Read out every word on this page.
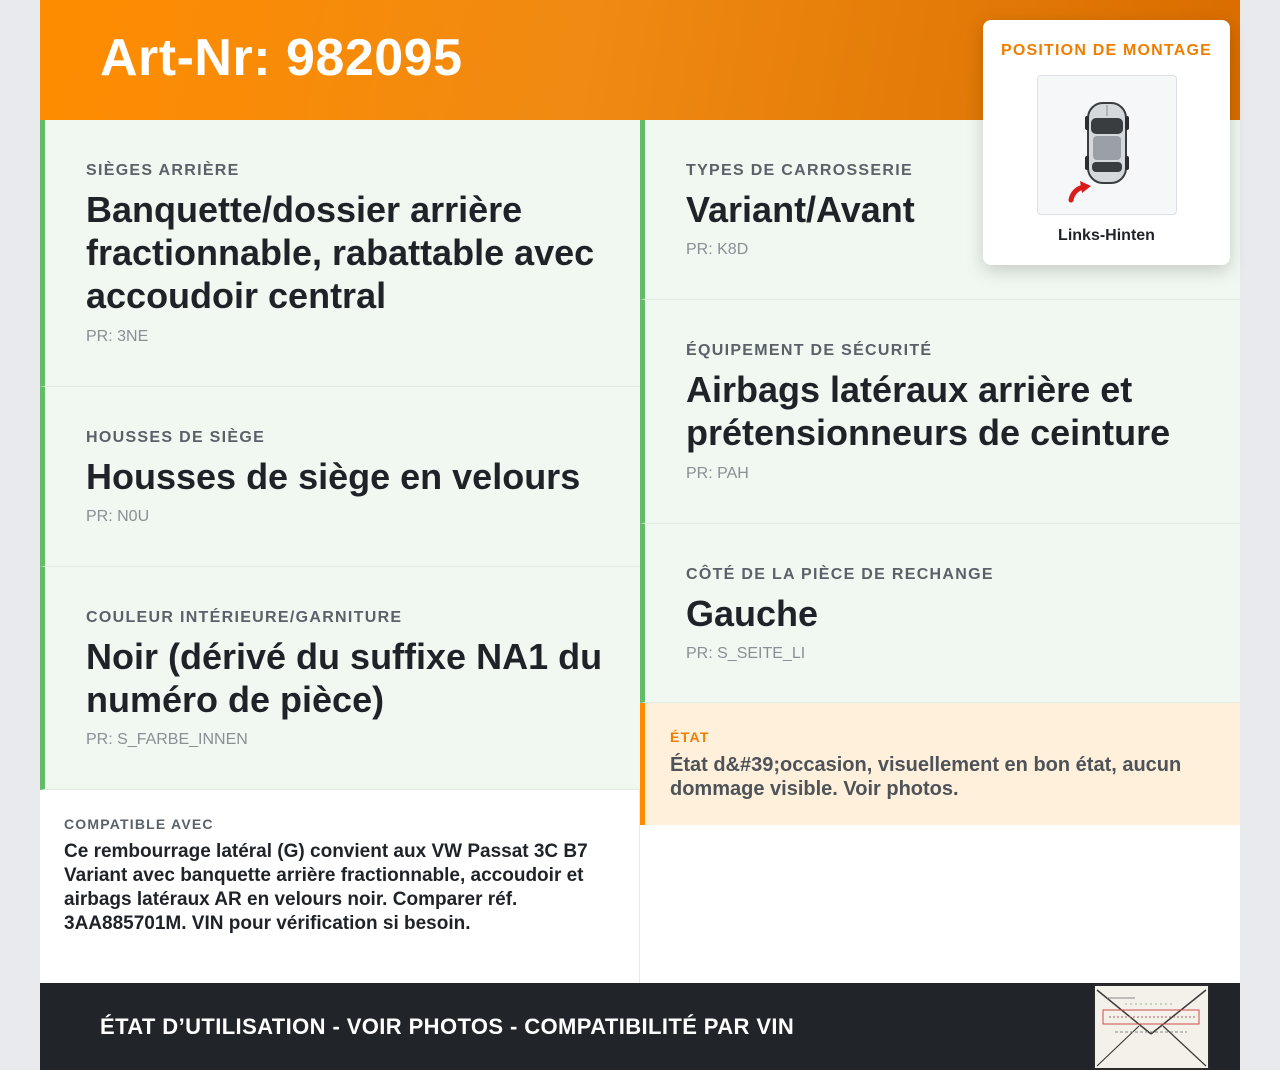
Art-Nr: 982095
SIÈGES ARRIÈRE
Banquette/dossier arrière fractionnable, rabattable avec accoudoir central
PR: 3NE
HOUSSES DE SIÈGE
Housses de siège en velours
PR: N0U
COULEUR INTÉRIEURE/GARNITURE
Noir (dérivé du suffixe NA1 du numéro de pièce)
PR: S_FARBE_INNEN
TYPES DE CARROSSERIE
Variant/Avant
PR: K8D
ÉQUIPEMENT DE SÉCURITÉ
Airbags latéraux arrière et prétensionneurs de ceinture
PR: PAH
CÔTÉ DE LA PIÈCE DE RECHANGE
Gauche
PR: S_SEITE_LI
ÉTAT
État d&#39;occasion, visuellement en bon état, aucun dommage visible. Voir photos.
COMPATIBLE AVEC
Ce rembourrage latéral (G) convient aux VW Passat 3C B7 Variant avec banquette arrière fractionnable, accoudoir et airbags latéraux AR en velours noir. Comparer réf. 3AA885701M. VIN pour vérification si besoin.
ÉTAT D’UTILISATION - VOIR PHOTOS - COMPATIBILITÉ PAR VIN
POSITION DE MONTAGE
Links-Hinten
